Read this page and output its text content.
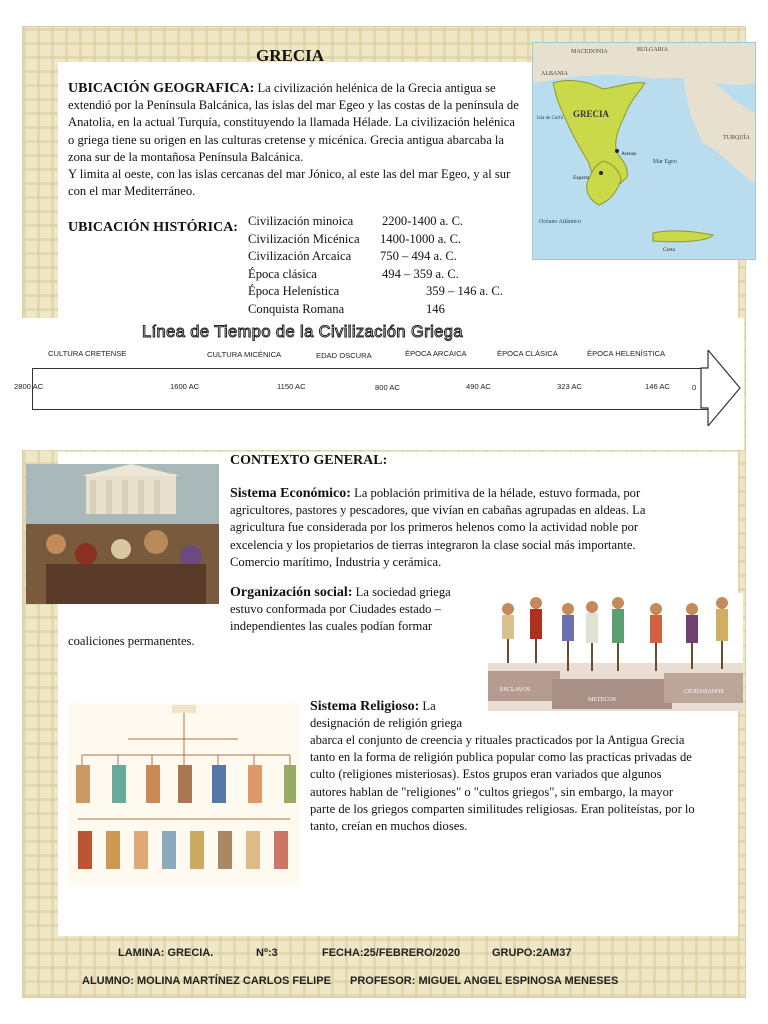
GRECIA
UBICACIÓN GEOGRAFICA: La civilización helénica de la Grecia antigua se extendió por la Península Balcánica, las islas del mar Egeo y las costas de la península de Anatolia, en la actual Turquía, constituyendo la llamada Hélade. La civilización helénica o griega tiene su origen en las culturas cretense y micénica. Grecia antigua abarcaba la zona sur de la montañosa Península Balcánica.
Y limita al oeste, con las islas cercanas del mar Jónico, al este las del mar Egeo, y al sur con el mar Mediterráneo.
MACEDONIA	BULGARIA
ALBANIA
GRECIA
TURQUÍA
Océano Atlántico
Mar Egeo
Isla de Corfú
Atenas
Esparta
Creta
UBICACIÓN HISTÓRICA: Civilización minoica 2200-1400 a. C.
Civilización Micénica 1400-1000 a. C.
Civilización Arcaica 750 – 494 a. C.
Época clásica	494 – 359 a. C.
Época Helenística	359 – 146 a. C.
Conquista Romana	146
Línea de Tiempo de la Civilización Griega
CULTURA CRETENSE	CULTURA MICÉNICA	EDAD OSCURA	ÉPOCA ARCAICA	ÉPOCA CLÁSICA	ÉPOCA HELENÍSTICA
2800 AC	1600 AC	1150 AC	800 AC	490 AC	323 AC	146 AC	0
CONTEXTO GENERAL:
Sistema Económico: La población primitiva de la hélade, estuvo formada, por agricultores, pastores y pescadores, que vivían en cabañas agrupadas en aldeas. La agricultura fue considerada por los primeros helenos como la actividad noble por excelencia y los propietarios de tierras integraron la clase social más importante. Comercio marítimo, Industria y cerámica.
Organización social: La sociedad griega estuvo conformada por Ciudades estado – independientes las cuales podían formar
coaliciones permanentes.
ESCLAVOS
METECOS
CIUDADANOS
Sistema Religioso: La designación de religión griega
abarca el conjunto de creencia y rituales practicados por la Antigua Grecia tanto en la forma de religión publica popular como las practicas privadas de culto (religiones misteriosas). Estos grupos eran variados que algunos autores hablan de "religiones" o "cultos griegos", sin embargo, la mayor parte de los griegos comparten similitudes religiosas. Eran politeístas, por lo tanto, creían en muchos dioses.
LAMINA: GRECIA.	Nº:3	FECHA:25/FEBRERO/2020	GRUPO:2AM37
ALUMNO: MOLINA MARTÍNEZ CARLOS FELIPE PROFESOR: MIGUEL ANGEL ESPINOSA MENESES
